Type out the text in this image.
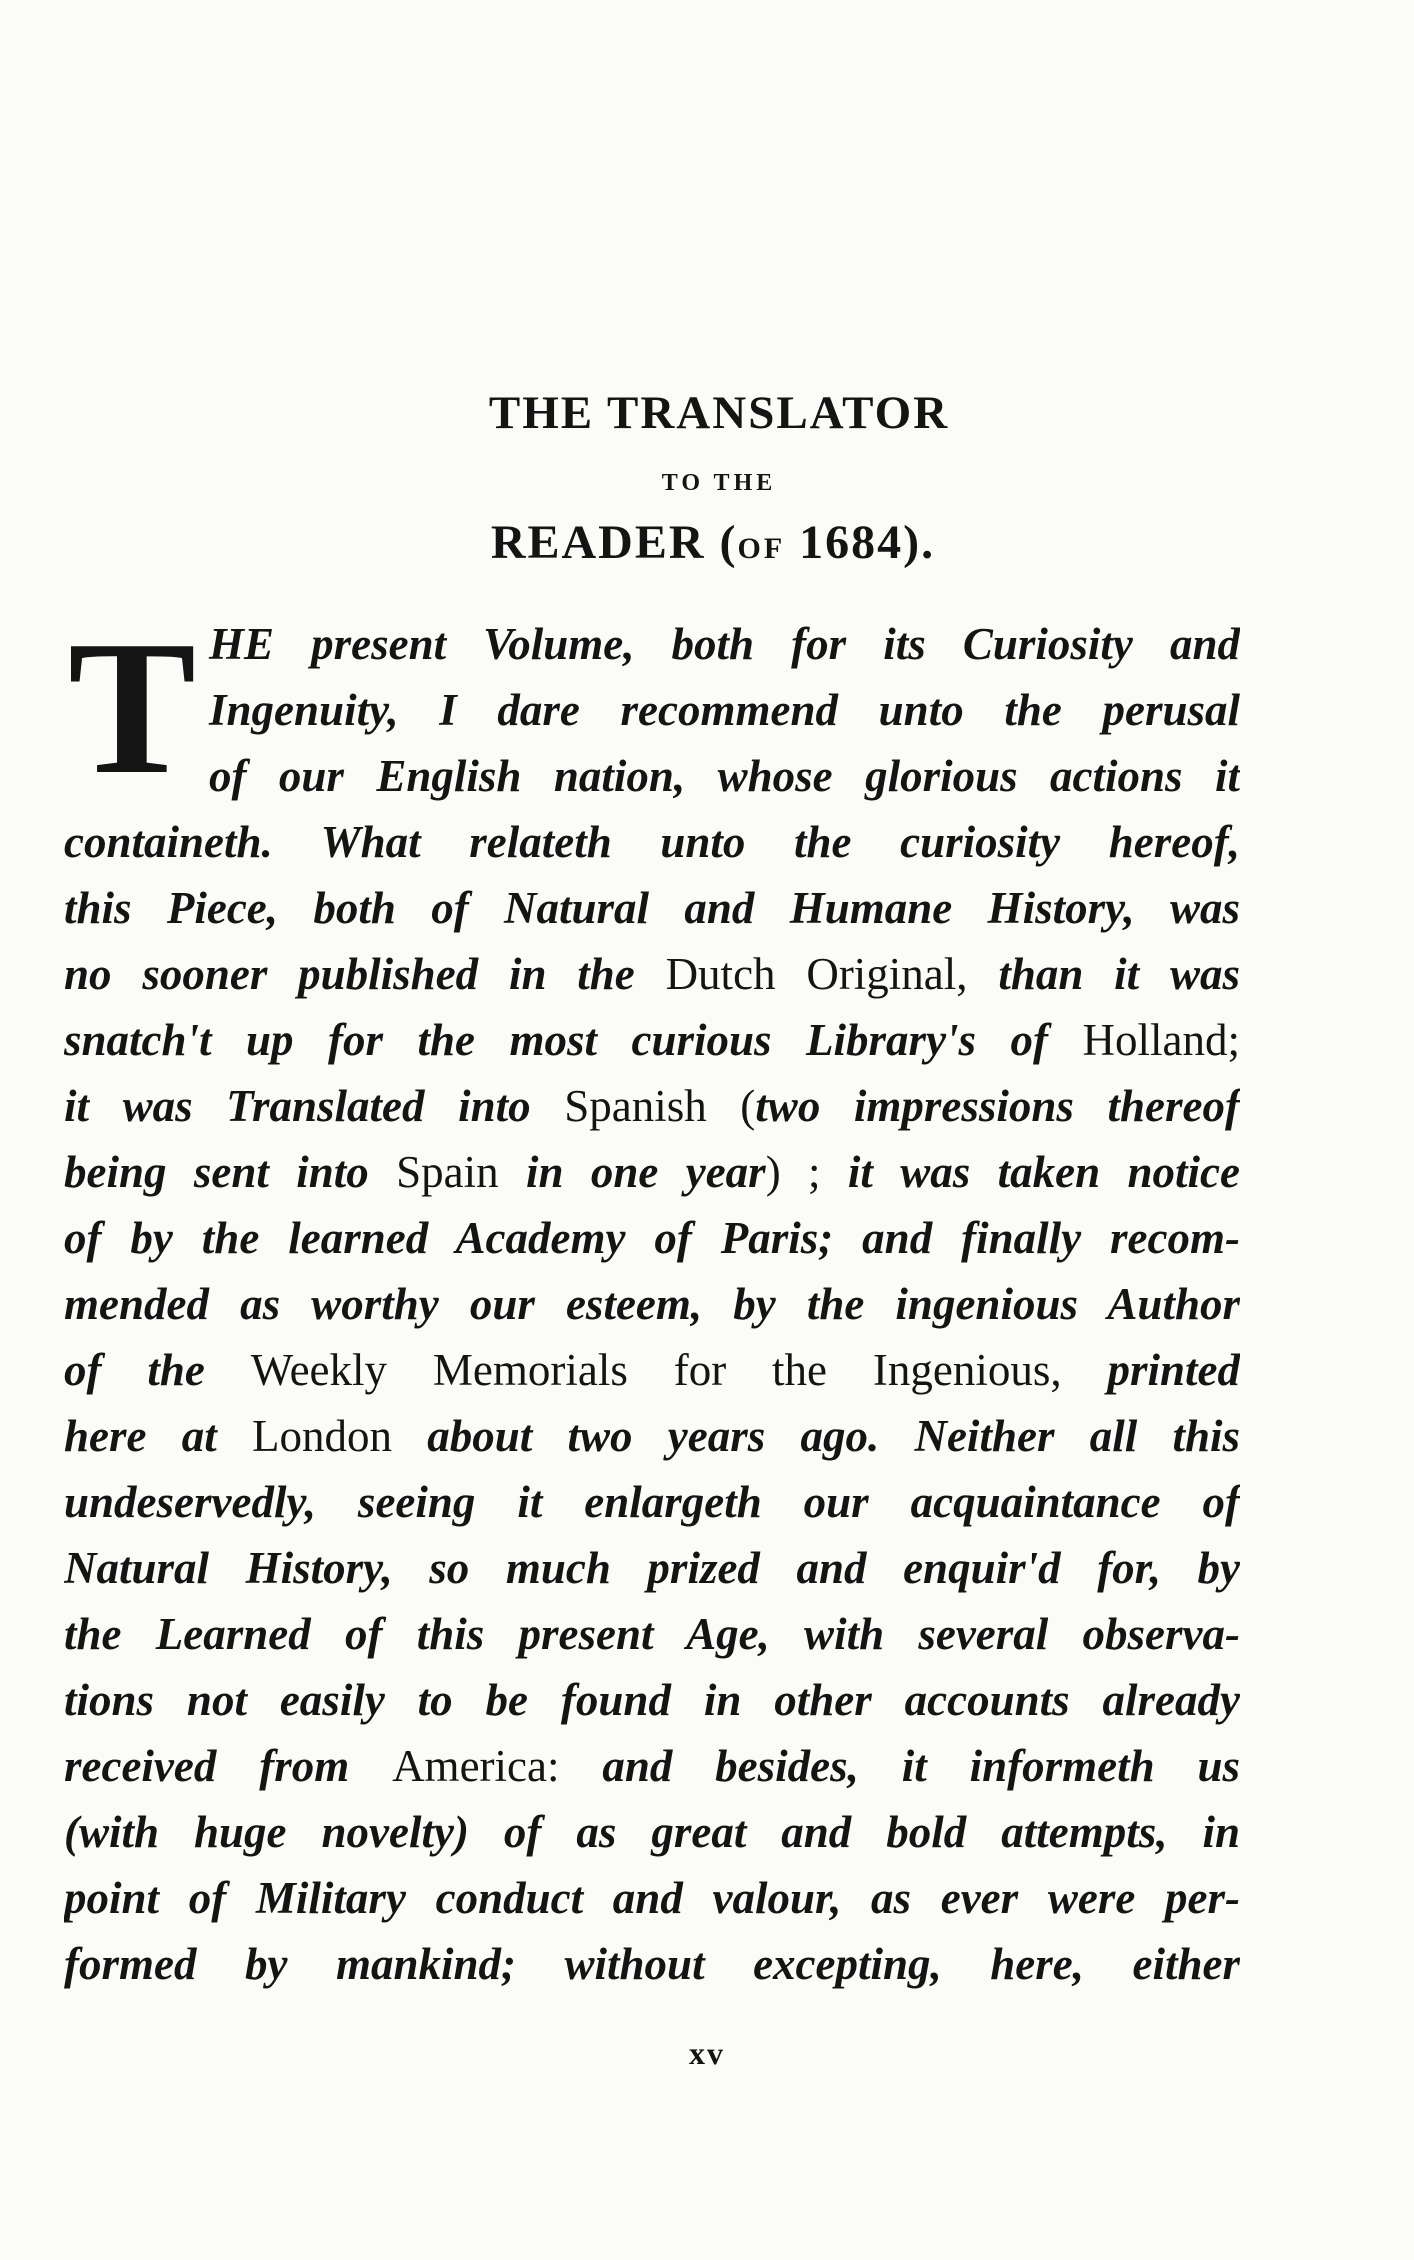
THE TRANSLATOR
TO THE
READER (OF 1684).
T HE present Volume, both for its Curiosity and
Ingenuity, I dare recommend unto the perusal
of our English nation, whose glorious actions it
containeth. What relateth unto the curiosity hereof,
this Piece, both of Natural and Humane History, was
no sooner published in the Dutch Original, than it was
snatch't up for the most curious Library's of Holland;
it was Translated into Spanish (two impressions thereof
being sent into Spain in one year) ; it was taken notice
of by the learned Academy of Paris; and finally recom-
mended as worthy our esteem, by the ingenious Author
of the Weekly Memorials for the Ingenious, printed
here at London about two years ago. Neither all this
undeservedly, seeing it enlargeth our acquaintance of
Natural History, so much prized and enquir'd for, by
the Learned of this present Age, with several observa-
tions not easily to be found in other accounts already
received from America: and besides, it informeth us
(with huge novelty) of as great and bold attempts, in
point of Military conduct and valour, as ever were per-
formed by mankind; without excepting, here, either
xv
